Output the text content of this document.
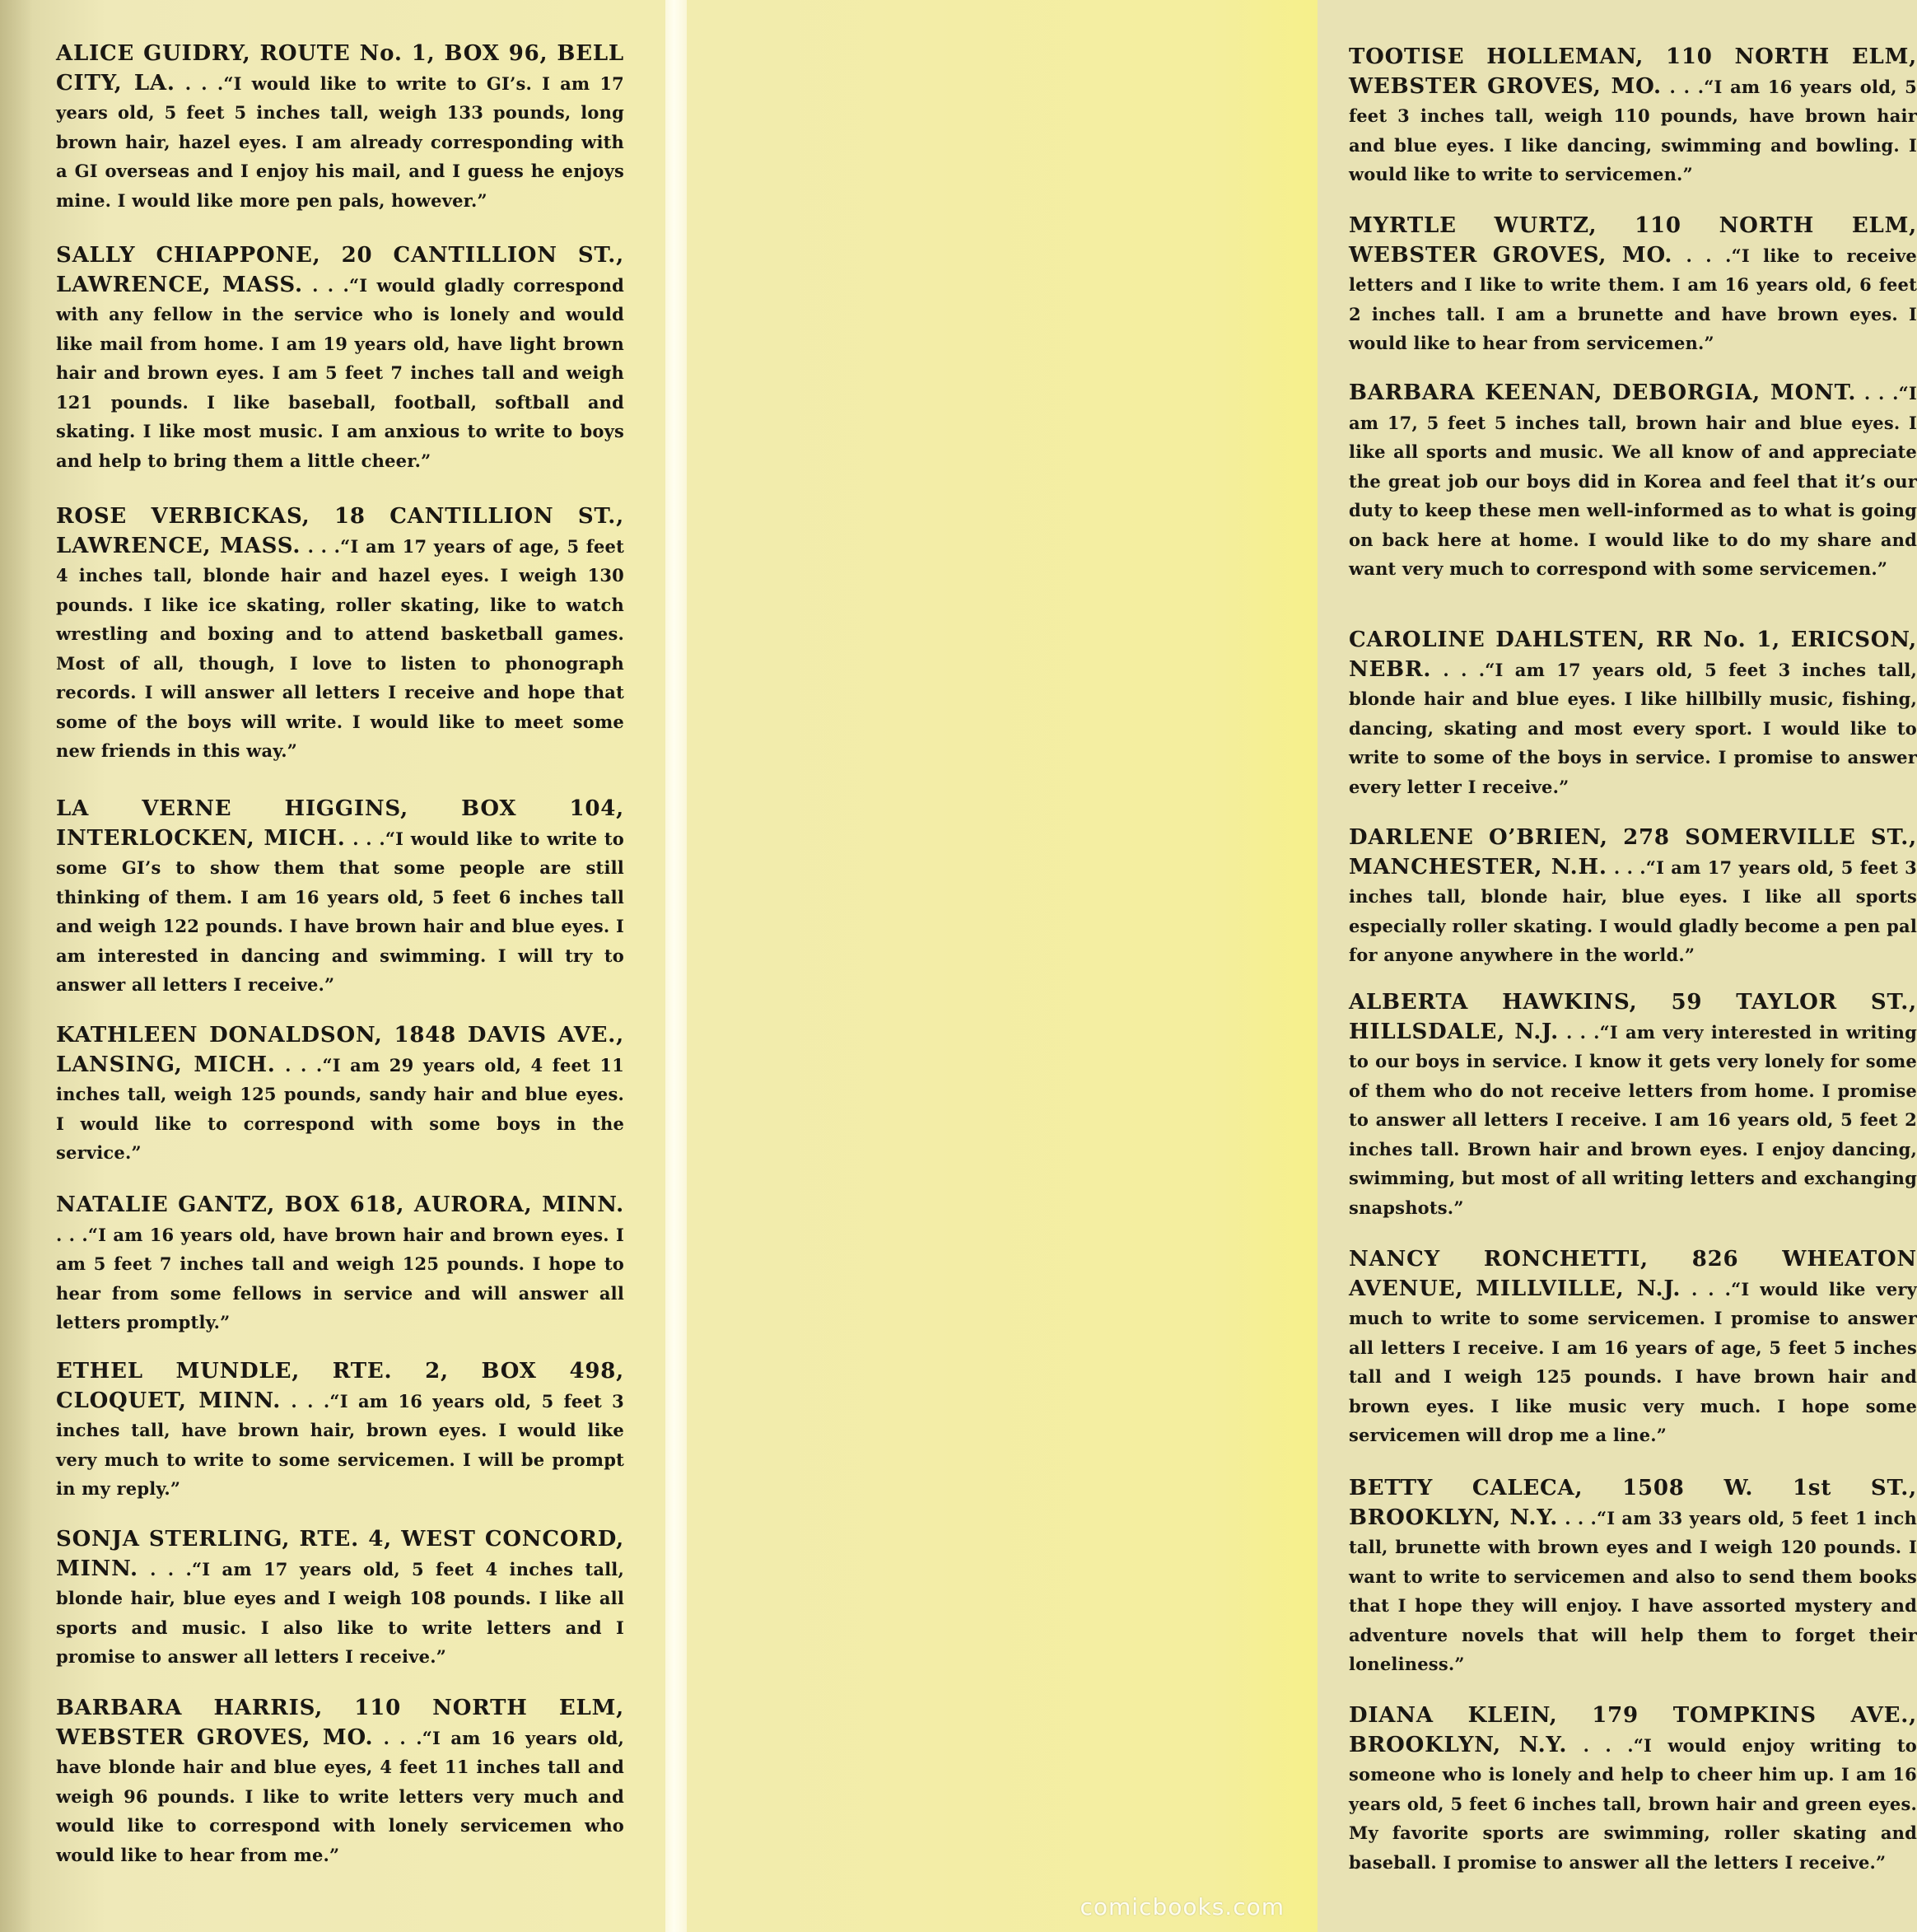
ALICE GUIDRY, ROUTE No. 1, BOX 96, BELL CITY, LA. . . .“I would like to write to GI’s. I am 17 years old, 5 feet 5 inches tall, weigh 133 pounds, long brown hair, hazel eyes. I am already corresponding with a GI overseas and I enjoy his mail, and I guess he enjoys mine. I would like more pen pals, however.”
SALLY CHIAPPONE, 20 CANTILLION ST., LAWRENCE, MASS. . . .“I would gladly correspond with any fellow in the service who is lonely and would like mail from home. I am 19 years old, have light brown hair and brown eyes. I am 5 feet 7 inches tall and weigh 121 pounds. I like baseball, football, softball and skating. I like most music. I am anxious to write to boys and help to bring them a little cheer.”
ROSE VERBICKAS, 18 CANTILLION ST., LAWRENCE, MASS. . . .“I am 17 years of age, 5 feet 4 inches tall, blonde hair and hazel eyes. I weigh 130 pounds. I like ice skating, roller skating, like to watch wrestling and boxing and to attend basketball games. Most of all, though, I love to listen to phonograph records. I will answer all letters I receive and hope that some of the boys will write. I would like to meet some new friends in this way.”
LA VERNE HIGGINS, BOX 104, INTERLOCKEN, MICH. . . .“I would like to write to some GI’s to show them that some people are still thinking of them. I am 16 years old, 5 feet 6 inches tall and weigh 122 pounds. I have brown hair and blue eyes. I am interested in dancing and swimming. I will try to answer all letters I receive.”
KATHLEEN DONALDSON, 1848 DAVIS AVE., LANSING, MICH. . . .“I am 29 years old, 4 feet 11 inches tall, weigh 125 pounds, sandy hair and blue eyes. I would like to correspond with some boys in the service.”
NATALIE GANTZ, BOX 618, AURORA, MINN. . . .“I am 16 years old, have brown hair and brown eyes. I am 5 feet 7 inches tall and weigh 125 pounds. I hope to hear from some fellows in service and will answer all letters promptly.”
ETHEL MUNDLE, RTE. 2, BOX 498, CLOQUET, MINN. . . .“I am 16 years old, 5 feet 3 inches tall, have brown hair, brown eyes. I would like very much to write to some servicemen. I will be prompt in my reply.”
SONJA STERLING, RTE. 4, WEST CONCORD, MINN. . . .“I am 17 years old, 5 feet 4 inches tall, blonde hair, blue eyes and I weigh 108 pounds. I like all sports and music. I also like to write letters and I promise to answer all letters I receive.”
BARBARA HARRIS, 110 NORTH ELM, WEBSTER GROVES, MO. . . .“I am 16 years old, have blonde hair and blue eyes, 4 feet 11 inches tall and weigh 96 pounds. I like to write letters very much and would like to correspond with lonely servicemen who would like to hear from me.”
TOOTISE HOLLEMAN, 110 NORTH ELM, WEBSTER GROVES, MO. . . .“I am 16 years old, 5 feet 3 inches tall, weigh 110 pounds, have brown hair and blue eyes. I like dancing, swimming and bowling. I would like to write to servicemen.”
MYRTLE WURTZ, 110 NORTH ELM, WEBSTER GROVES, MO. . . .“I like to receive letters and I like to write them. I am 16 years old, 6 feet 2 inches tall. I am a brunette and have brown eyes. I would like to hear from servicemen.”
BARBARA KEENAN, DEBORGIA, MONT. . . .“I am 17, 5 feet 5 inches tall, brown hair and blue eyes. I like all sports and music. We all know of and appreciate the great job our boys did in Korea and feel that it’s our duty to keep these men well-informed as to what is going on back here at home. I would like to do my share and want very much to correspond with some servicemen.”
CAROLINE DAHLSTEN, RR No. 1, ERICSON, NEBR. . . .“I am 17 years old, 5 feet 3 inches tall, blonde hair and blue eyes. I like hillbilly music, fishing, dancing, skating and most every sport. I would like to write to some of the boys in service. I promise to answer every letter I receive.”
DARLENE O’BRIEN, 278 SOMERVILLE ST., MANCHESTER, N.H. . . .“I am 17 years old, 5 feet 3 inches tall, blonde hair, blue eyes. I like all sports especially roller skating. I would gladly become a pen pal for anyone anywhere in the world.”
ALBERTA HAWKINS, 59 TAYLOR ST., HILLSDALE, N.J. . . .“I am very interested in writing to our boys in service. I know it gets very lonely for some of them who do not receive letters from home. I promise to answer all letters I receive. I am 16 years old, 5 feet 2 inches tall. Brown hair and brown eyes. I enjoy dancing, swimming, but most of all writing letters and exchanging snapshots.”
NANCY RONCHETTI, 826 WHEATON AVENUE, MILLVILLE, N.J. . . .“I would like very much to write to some servicemen. I promise to answer all letters I receive. I am 16 years of age, 5 feet 5 inches tall and I weigh 125 pounds. I have brown hair and brown eyes. I like music very much. I hope some servicemen will drop me a line.”
BETTY CALECA, 1508 W. 1st ST., BROOKLYN, N.Y. . . .“I am 33 years old, 5 feet 1 inch tall, brunette with brown eyes and I weigh 120 pounds. I want to write to servicemen and also to send them books that I hope they will enjoy. I have assorted mystery and adventure novels that will help them to forget their loneliness.”
DIANA KLEIN, 179 TOMPKINS AVE., BROOKLYN, N.Y. . . .“I would enjoy writing to someone who is lonely and help to cheer him up. I am 16 years old, 5 feet 6 inches tall, brown hair and green eyes. My favorite sports are swimming, roller skating and baseball. I promise to answer all the letters I receive.”
comicbooks.com
